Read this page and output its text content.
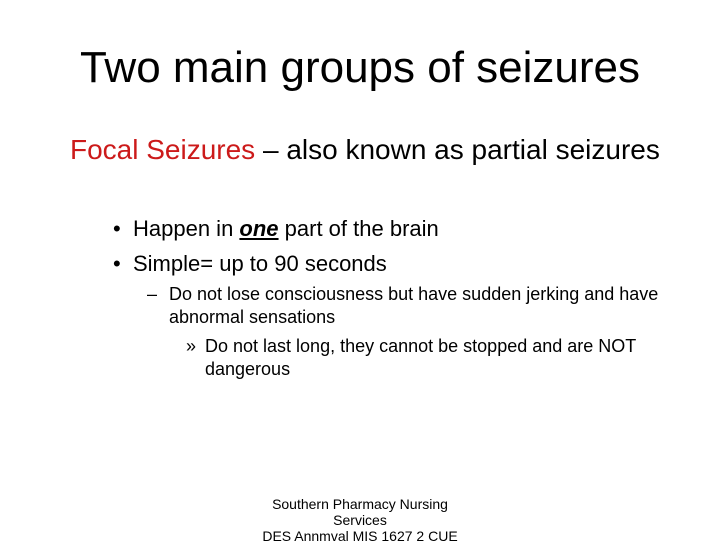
Two main groups of seizures
Focal Seizures – also known as partial seizures
• Happen in one part of the brain
• Simple= up to 90 seconds
– Do not lose consciousness but have sudden jerking and have abnormal sensations
» Do not last long, they cannot be stopped and are NOT dangerous
Southern Pharmacy Nursing
Services
DES Annmval MIS 1627 2 CUE
